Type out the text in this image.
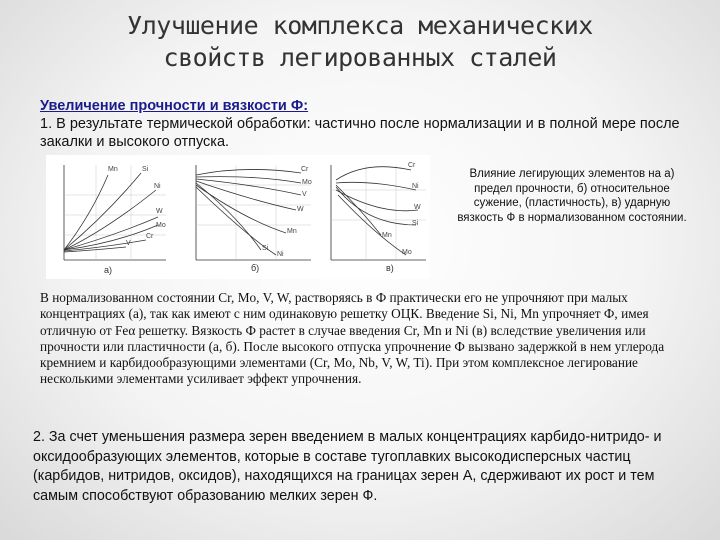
Улучшение комплекса механических
свойств легированных сталей
Увеличение прочности и вязкости Ф:
1. В результате термической обработки: частично после нормализации и в полной мере после закалки и высокого отпуска.
Mn	Si
Ni
W
Mo
Cr
V
а)
Cr
Mo
V
W
Si
Mn
Ni
б)
Cr
Ni
Mn
Si
W
Mo
в)
Влияние легирующих элементов на а) предел прочности, б) относительное сужение, (пластичность), в) ударную вязкость Ф в нормализованном состоянии.
В нормализованном состоянии Cr, Mo, V, W, растворяясь в Ф практически его не упрочняют при малых концентрациях (а), так как имеют с ним одинаковую решетку ОЦК. Введение Si, Ni, Mn упрочняет Ф, имея отличную от Feα решетку. Вязкость Ф растет в случае введения Cr, Mn и Ni (в) вследствие увеличения или прочности или пластичности (а, б). После высокого отпуска упрочнение Ф вызвано задержкой в нем углерода кремнием и карбидообразующими элементами (Cr, Mo, Nb, V, W, Ti). При этом комплексное легирование несколькими элементами усиливает эффект упрочнения.
2. За счет уменьшения размера зерен введением в малых концентрациях карбидо-нитридо- и оксидообразующих элементов, которые в составе тугоплавких высокодисперсных частиц (карбидов, нитридов, оксидов), находящихся на границах зерен А, сдерживают их рост и тем самым способствуют образованию мелких зерен Ф.
